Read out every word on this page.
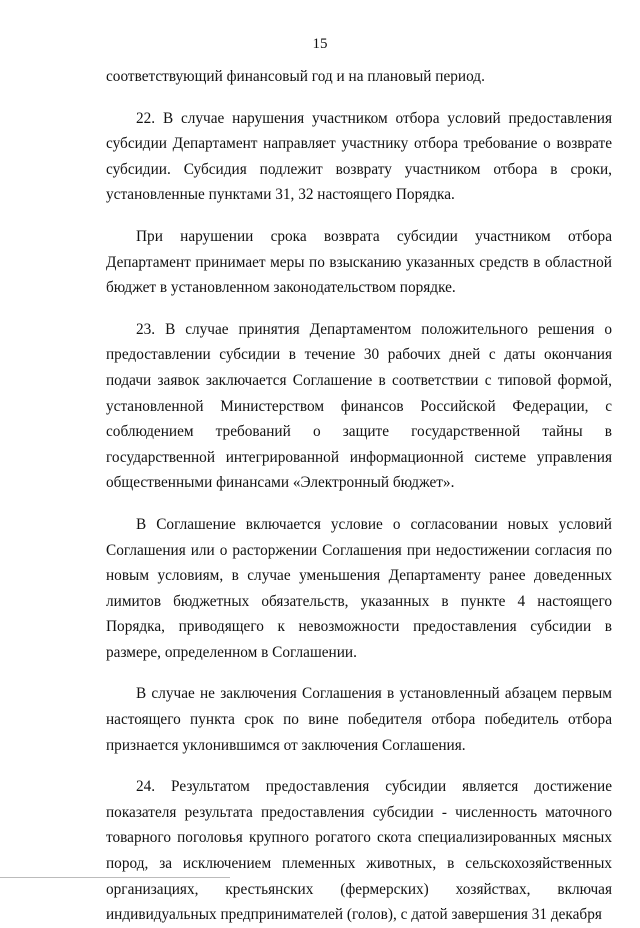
15

соответствующий финансовый год и на плановый период.

22. В случае нарушения участником отбора условий предоставления субсидии Департамент направляет участнику отбора требование о возврате субсидии. Субсидия подлежит возврату участником отбора в сроки, установленные пунктами 31, 32 настоящего Порядка.

При нарушении срока возврата субсидии участником отбора Департамент принимает меры по взысканию указанных средств в областной бюджет в установленном законодательством порядке.

23. В случае принятия Департаментом положительного решения о предоставлении субсидии в течение 30 рабочих дней с даты окончания подачи заявок заключается Соглашение в соответствии с типовой формой, установленной Министерством финансов Российской Федерации, с соблюдением требований о защите государственной тайны в государственной интегрированной информационной системе управления общественными финансами «Электронный бюджет».

В Соглашение включается условие о согласовании новых условий Соглашения или о расторжении Соглашения при недостижении согласия по новым условиям, в случае уменьшения Департаменту ранее доведенных лимитов бюджетных обязательств, указанных в пункте 4 настоящего Порядка, приводящего к невозможности предоставления субсидии в размере, определенном в Соглашении.

В случае не заключения Соглашения в установленный абзацем первым настоящего пункта срок по вине победителя отбора победитель отбора признается уклонившимся от заключения Соглашения.

24. Результатом предоставления субсидии является достижение показателя результата предоставления субсидии - численность маточного товарного поголовья крупного рогатого скота специализированных мясных пород, за исключением племенных животных, в сельскохозяйственных организациях, крестьянских (фермерских) хозяйствах, включая индивидуальных предпринимателей (голов), с датой завершения 31 декабря
